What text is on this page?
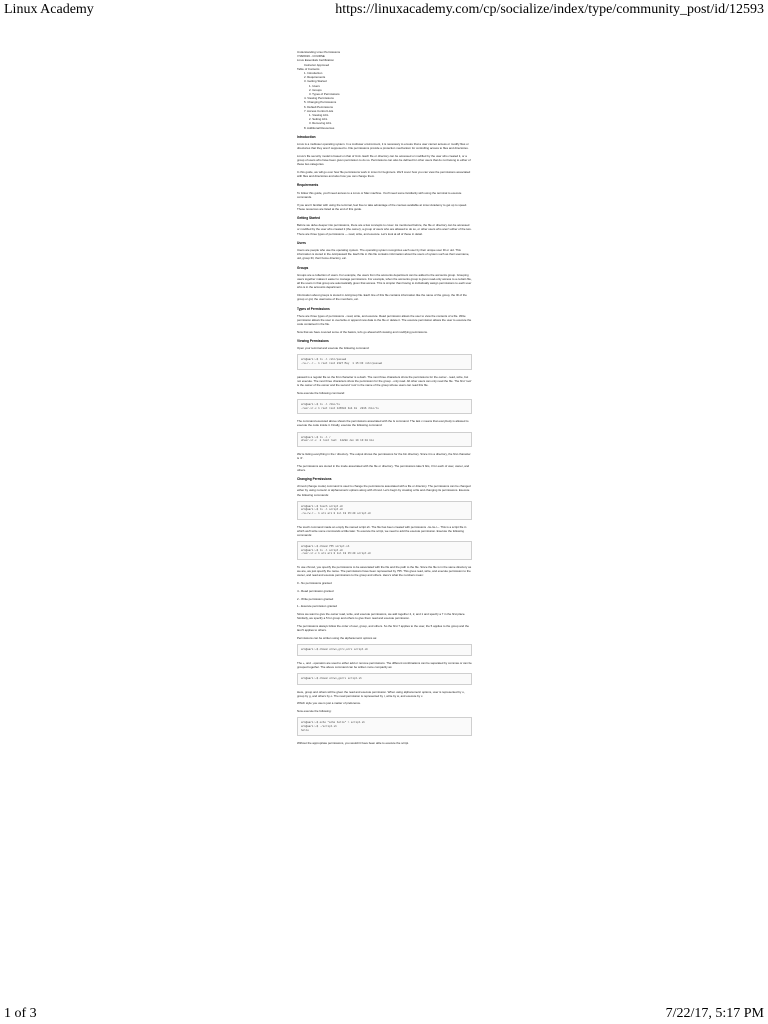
Linux Academy	https://linuxacademy.com/cp/socialize/index/type/community_post/id/12593

Understanding Linux Permissions

7/18/2016 - COURSE

Linux Essentials Certification

Instructor Approved

Table of Contents

1. Introduction
2. Requirements
3. Getting Started
1. Users
2. Groups
3. Types of Permissions
4. Viewing Permissions
5. Changing Permissions
6. Default Permissions
7. Access Control Lists
1. Viewing ACL
2. Setting ACL
3. Removing ACL
8. Additional Resources
Introduction

Linux is a multiuser operating system. In a multiuser environment, it is necessary to ensure that a user cannot access or modify files or directories that they aren't supposed to. File permissions provide a protection mechanism for controlling access to files and directories.

Linux's file security model is based on that of Unix. Each file or directory can be accessed or modified by the user who created it, or a group of users who have been given permission to do so. Permissions can also be defined for other users that do not belong to either of these two categories.

In this guide, we will go over how file permissions work in Linux for beginners. We'll cover how you can view the permissions associated with files and directories and also how you can change them.

Requirements

To follow this guide, you'll need access to a Linux or Mac machine. You'll need some familiarity with using the terminal to execute commands.

If you aren't familiar with using the terminal, feel free to take advantage of the courses available at Linux Academy to get up to speed. These resources are listed at the end of this guide.

Getting Started

Before we delve deeper into permissions, there are a few concepts to cover. As mentioned before, the file or directory can be accessed or modified by the user who created it (the owner), a group of users who are allowed to do so, or other users who aren't either of the two. There are three types of permissions — read, write, and execute. Let's look at all of these in detail.

Users

Users are people who use the operating system. The operating system recognizes each user by their unique user ID or uid. This information is stored in the /etc/passwd file. Each file in this file contains information about the users of system such as their username, uid, group ID, their home directory, etc.

Groups

Groups are a collection of users. For example, the users from the accounts department can be added to the accounts group. Grouping users together makes it easier to manage permissions. For example, when the accounts group is given read-only access to a certain file, all the users in that group are automatically given that access. This is simpler than having to individually assign permissions to each user who is in the accounts department.

Information about groups is stored in /etc/group file. Each line of this file contains information like the name of the group, the ID of the group or gid, the username of the members, etc.

Types of Permissions

There are three types of permissions - read, write, and execute. Read permission allows the user to view the contents of a file. Write permission allows the user to overwrite or append new data to the file or delete it. The execute permission allows the user to execute the code contained in the file.

Now that we have covered some of the basics, let's go ahead with viewing and modifying permissions.

Viewing Permissions

Open your terminal and execute the following command:

ari@aari:~$ ls -l /etc/passwd
-rw-r--r-- 1 root root 2327 May  1 15:33 /etc/passwd

passwd is a regular file so the first character is a dash. The next three characters show the permissions for the owner - read, write, but not execute. The next three characters show the permission for the group - only read. All other users can only read the file. The first 'root' is the owner of the owner and the second 'root' is the name of the group whose users can read this file.

Now execute the following command:

ari@aari:~$ ls -l /bin/ls
-rwxr-xr-x 1 root root 126584 Feb 18  2016 /bin/ls

The command executed above shows the permissions associated with the ls command. The last x means that everybody is allowed to execute the code inside it. Finally, execute the following command:

ari@aari:~$ ls -l /
drwxr-xr-x  2 root root  12288 Jun 19 13:10 bin

We're listing everything in the / directory. The output shows the permissions for the bin directory. Since it is a directory, the first character is 'd'.

The permissions are stored in the inode associated with the file or directory. The permissions take 9 bits, 3 for each of user, owner, and others.

Changing Permissions

chmod (change mode) command is used to change the permissions associated with a file or directory. The permissions can be changed either by using numeric or alphanumeric options along with chmod. Let's begin by creating a file and changing its permissions. Execute the following commands:

ari@aari:~$ touch script.sh
ari@aari:~$ ls -l script.sh
-rw-rw-r-- 1 ari ari 0 Jul 19 15:29 script.sh

The touch command made an empty file named script.sh. The file has been created with permissions -rw-rw-r--. This is a script file in which we'll write some commands a little later. To execute the script, we need to add the execute permission. Execute the following commands:

ari@aari:~$ chmod 755 script.sh
ari@aari:~$ ls -l script.sh
-rwxr-xr-x 1 ari ari 0 Jul 19 15:29 script.sh

To use chmod, you specify the permissions to be associated with the file and the path to the file. Since the file is in the same directory as we are, we just specify the name. The permissions have been represented by 755. This gives read, write, and execute permission to the owner, and read and execute permissions to the group and others. Here's what the numbers mean:

0 - No permissions granted

4 - Read permission granted

2 - Write permission granted

1 - Execute permission granted

Since we want to give the owner read, write, and execute permissions, we add together 4, 2, and 1 and specify a 7 in the first place. Similarly, we specify a 5 for group and others to give them read and execute permission.

The permissions always follow the order of user, group, and others. So the first 7 applies to the user, the 5 applies to the group and the last 5 applies to others.

Permissions can be written using the alphanumeric options as:

ari@aari:~$ chmod u=rwx,g=rx,o=rx script.sh

The +, and - operators are used to either add or remove permissions. The different combinations can be separated by commas or can be grouped together. The above command can be written more compactly as:

ari@aari:~$ chmod u=rwx,go=rx script.sh

Here, group and others will be given the read and execute permission. When using alphanumeric options, user is represented by u, group by g, and others by o. The read permission is represented by r, write by w, and execute by x.

Which style you use is just a matter of preference.

Now execute the following:

ari@aari:~$ echo "echo hello" > script.sh
ari@aari:~$ ./script.sh
hello

Without the appropriate permissions, you wouldn't have been able to execute the script.

1 of 3	7/22/17, 5:17 PM
